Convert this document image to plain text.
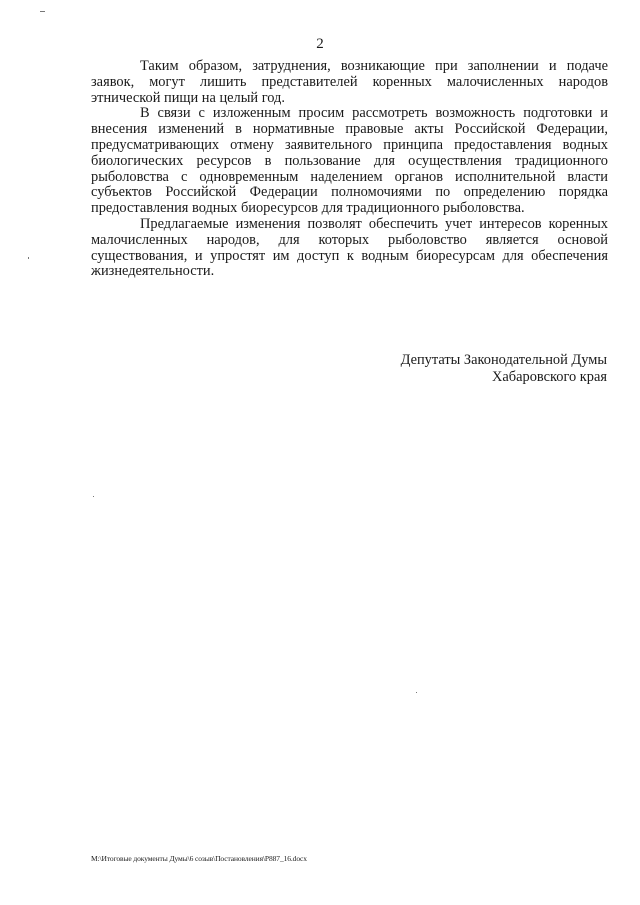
2

Таким образом, затруднения, возникающие при заполнении и подаче заявок, могут лишить представителей коренных малочисленных народов этнической пищи на целый год.

В связи с изложенным просим рассмотреть возможность подготовки и внесения изменений в нормативные правовые акты Российской Федерации, предусматривающих отмену заявительного принципа предоставления водных биологических ресурсов в пользование для осуществления традиционного рыболовства с одновременным наделением органов исполнительной власти субъектов Российской Федерации полномочиями по определению порядка предоставления водных биоресурсов для традиционного рыболовства.

Предлагаемые изменения позволят обеспечить учет интересов коренных малочисленных народов, для которых рыболовство является основой существования, и упростят им доступ к водным биоресурсам для обеспечения жизнедеятельности.

Депутаты Законодательной Думы
Хабаровского края
M:\Итоговые документы Думы\6 созыв\Постановления\P887_16.docx
